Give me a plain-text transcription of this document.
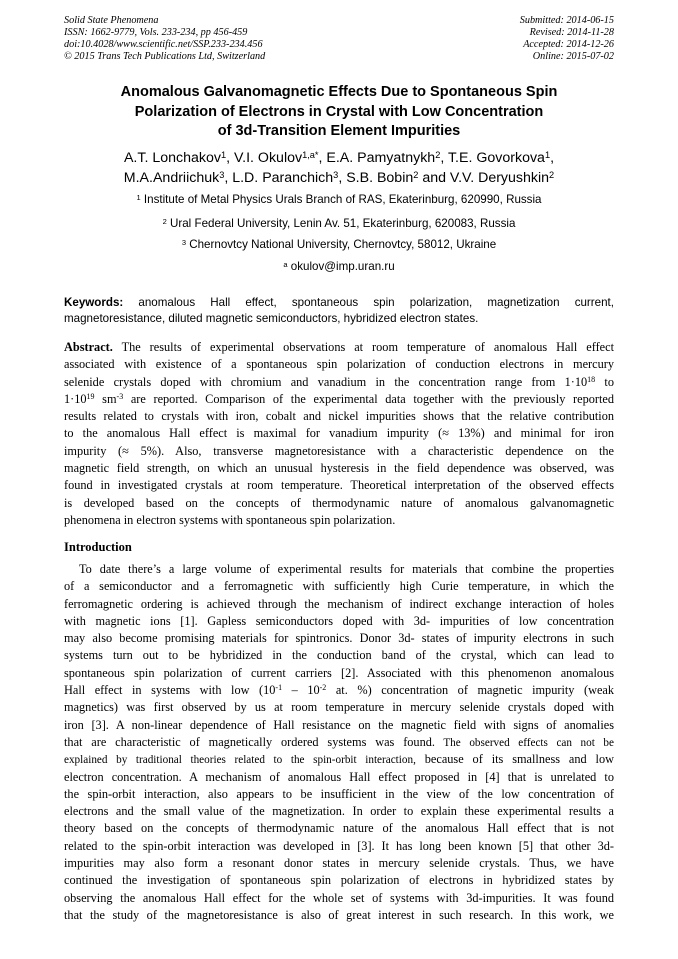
Solid State Phenomena
ISSN: 1662-9779, Vols. 233-234, pp 456-459
doi:10.4028/www.scientific.net/SSP.233-234.456
© 2015 Trans Tech Publications Ltd, Switzerland
Submitted: 2014-06-15
Revised: 2014-11-28
Accepted: 2014-12-26
Online: 2015-07-02
Anomalous Galvanomagnetic Effects Due to Spontaneous Spin
Polarization of Electrons in Crystal with Low Concentration
of 3d-Transition Element Impurities
A.T. Lonchakov$^1$, V.I. Okulov$^{1,a*}$, E.A. Pamyatnykh$^2$, T.E. Govorkova$^1$,
M.A.Andriichuk$^3$, L.D. Paranchich$^3$, S.B. Bobin$^2$ and V.V. Deryushkin$^2$
$^1$ Institute of Metal Physics Urals Branch of RAS, Ekaterinburg, 620990, Russia
$^2$ Ural Federal University, Lenin Av. 51, Ekaterinburg, 620083, Russia
$^3$ Chernovtcy National University, Chernovtcy, 58012, Ukraine
$^a$ okulov@imp.uran.ru
Keywords: anomalous Hall effect, spontaneous spin polarization, magnetization current,
magnetoresistance, diluted magnetic semiconductors, hybridized electron states.
Abstract. The results of experimental observations at room temperature of anomalous Hall effect
associated with existence of a spontaneous spin polarization of conduction electrons in mercury
selenide crystals doped with chromium and vanadium in the concentration range from $1\cdot 10^{18}$ to
$1\cdot 10^{19}$ $sm^{-3}$ are reported. Comparison of the experimental data together with the previously reported
results related to crystals with iron, cobalt and nickel impurities shows that the relative contribution
to the anomalous Hall effect is maximal for vanadium impurity (≈ 13%) and minimal for iron
impurity (≈ 5%). Also, transverse magnetoresistance with a characteristic dependence on the
magnetic field strength, on which an unusual hysteresis in the field dependence was observed, was
found in investigated crystals at room temperature. Theoretical interpretation of the observed effects
is developed based on the concepts of thermodynamic nature of anomalous galvanomagnetic
phenomena in electron systems with spontaneous spin polarization.
Introduction
To date there’s a large volume of experimental results for materials that combine the properties
of a semiconductor and a ferromagnetic with sufficiently high Curie temperature, in which the
ferromagnetic ordering is achieved through the mechanism of indirect exchange interaction of holes
with magnetic ions [1]. Gapless semiconductors doped with 3d- impurities of low concentration
may also become promising materials for spintronics. Donor 3d- states of impurity electrons in such
systems turn out to be hybridized in the conduction band of the crystal, which can lead to
spontaneous spin polarization of current carriers [2]. Associated with this phenomenon anomalous
Hall effect in systems with low ($10^{-1} - 10^{-2}$ at. %) concentration of magnetic impurity (weak
magnetics) was first observed by us at room temperature in mercury selenide crystals doped with
iron [3]. A non-linear dependence of Hall resistance on the magnetic field with signs of anomalies
that are characteristic of magnetically ordered systems was found. The observed effects can not be
explained by traditional theories related to the spin-orbit interaction, because of its smallness and low
electron concentration. A mechanism of anomalous Hall effect proposed in [4] that is unrelated to
the spin-orbit interaction, also appears to be insufficient in the view of the low concentration of
electrons and the small value of the magnetization. In order to explain these experimental results a
theory based on the concepts of thermodynamic nature of the anomalous Hall effect that is not
related to the spin-orbit interaction was developed in [3]. It has long been known [5] that other 3d-
impurities may also form a resonant donor states in mercury selenide crystals. Thus, we have
continued the investigation of spontaneous spin polarization of electrons in hybridized states by
observing the anomalous Hall effect for the whole set of systems with 3d-impurities. It was found
that the study of the magnetoresistance is also of great interest in such research. In this work, we
